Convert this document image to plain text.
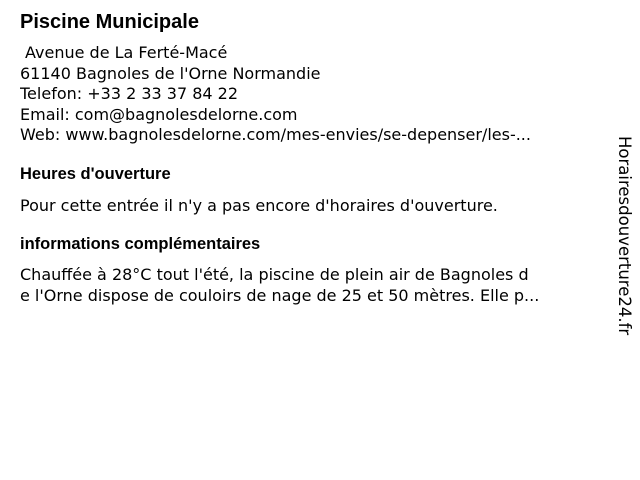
Piscine Municipale
Avenue de La Ferté-Macé
61140 Bagnoles de l'Orne Normandie
Telefon: +33 2 33 37 84 22
Email: com@bagnolesdelorne.com
Web: www.bagnolesdelorne.com/mes-envies/se-depenser/les-...
Heures d'ouverture
Pour cette entrée il n'y a pas encore d'horaires d'ouverture.
informations complémentaires
Chauffée à 28°C tout l'été, la piscine de plein air de Bagnoles d
e l'Orne dispose de couloirs de nage de 25 et 50 mètres. Elle p...	Horairesdouverture24.fr
